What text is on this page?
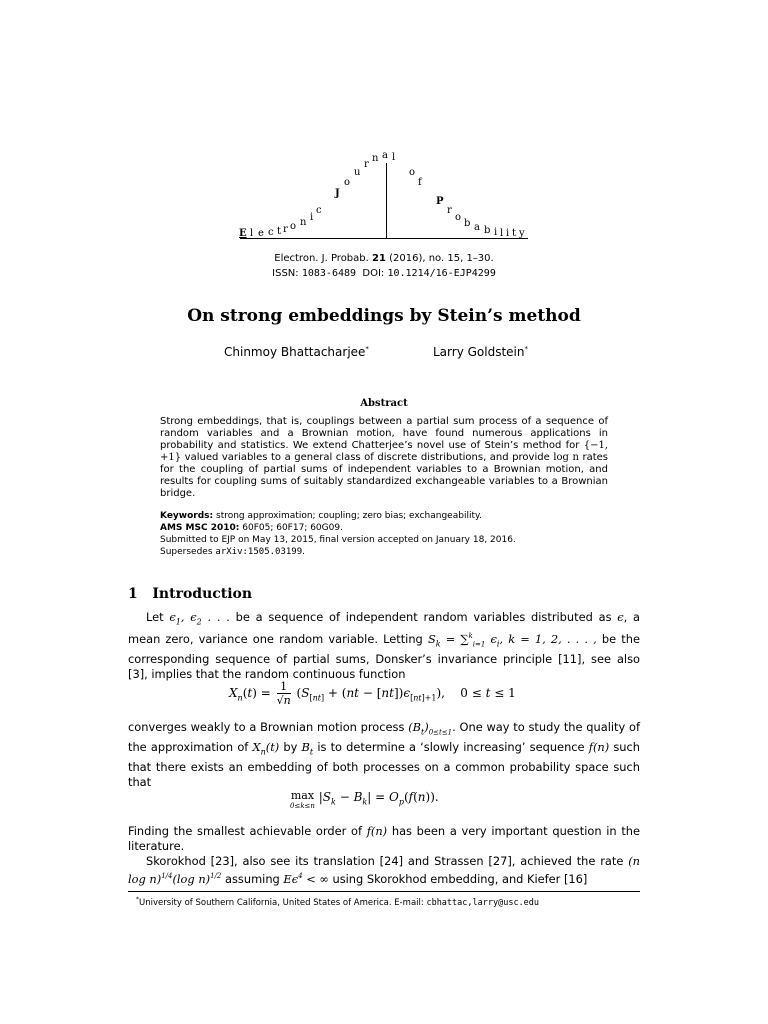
E l e c t r o n i
c
J
o
u
r
n a l
o
f
P
r
o
b a b i l i t y
Electron. J. Probab. 21 (2016), no. 15, 1–30.
ISSN: 1083-6489 DOI: 10.1214/16-EJP4299
On strong embeddings by Stein’s method
Chinmoy Bhattacharjee*	Larry Goldstein*
Abstract
Strong embeddings, that is, couplings between a partial sum process of a sequence of random variables and a Brownian motion, have found numerous applications in probability and statistics. We extend Chatterjee’s novel use of Stein’s method for {−1, +1} valued variables to a general class of discrete distributions, and provide log n rates for the coupling of partial sums of independent variables to a Brownian motion, and results for coupling sums of suitably standardized exchangeable variables to a Brownian bridge.
Keywords: strong approximation; coupling; zero bias; exchangeability.
AMS MSC 2010: 60F05; 60F17; 60G09.
Submitted to EJP on May 13, 2015, final version accepted on January 18, 2016.
Supersedes arXiv:1505.03199.
1 Introduction
Let $\epsilon_1$, $\epsilon_2$ . . . be a sequence of independent random variables distributed as ϵ, a mean zero, variance one random variable. Letting $S_k = \sum^k_{i=1}$ $\epsilon_i$, k = 1, 2, . . . , be the corresponding sequence of partial sums, Donsker’s invariance principle [11], see also [3], implies that the random continuous function
$X_n(t) = \frac{1}{√n} (S_{[nt]} + (nt - [nt])\epsilon_{[nt]+1})$,    0 ≤ t ≤ 1
converges weakly to a Brownian motion process $(B_t)_{0\le t\le 1}$. One way to study the quality of the approximation of $X_n(t)$ by $B_t$ is to determine a ‘slowly increasing’ sequence f(n) such that there exists an embedding of both processes on a common probability space such that
max
0≤k≤n
$|S_k - B_k| = O_p(f(n))$.
Finding the smallest achievable order of f(n) has been a very important question in the literature.
Skorokhod [23], also see its translation [24] and Strassen [27], achieved the rate (n log n)$^{1/4}$(log n)$^{1/2}$ assuming $E\epsilon^4$ < ∞ using Skorokhod embedding, and Kiefer [16]
*University of Southern California, United States of America. E-mail: cbhattac,larry@usc.edu
